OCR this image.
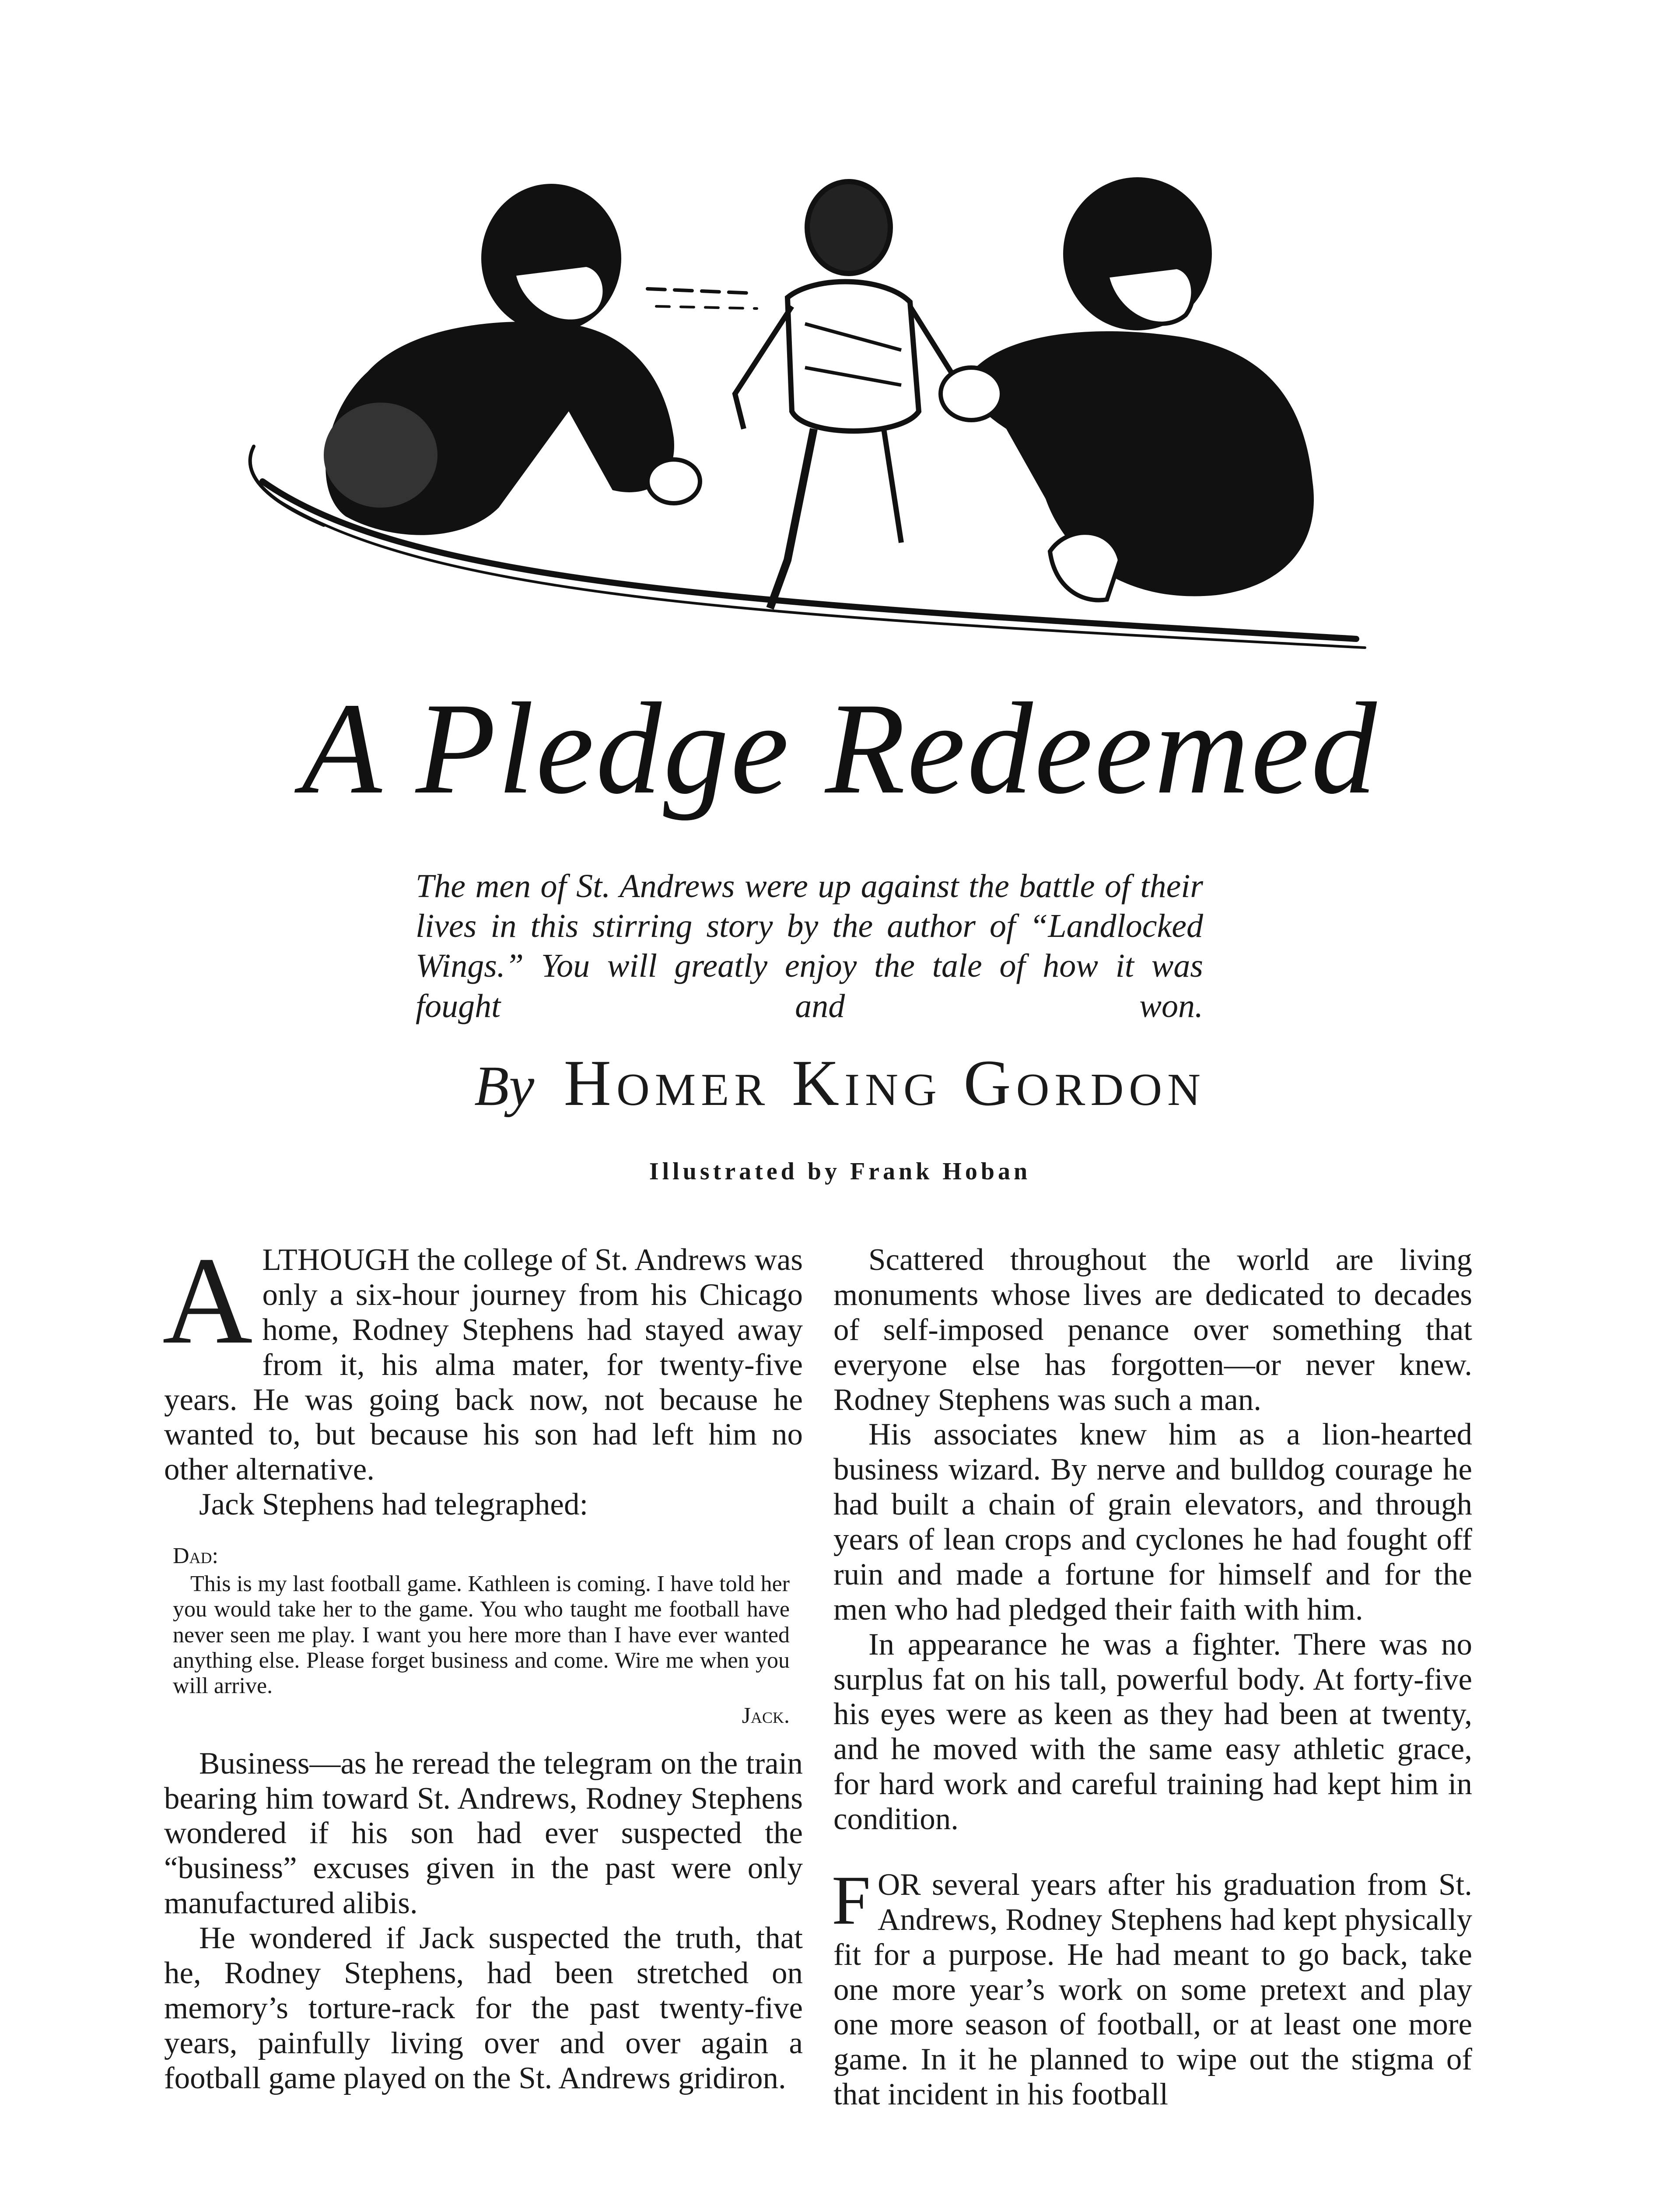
A Pledge Redeemed
The men of St. Andrews were up against the battle of their lives in this stirring story by the author of “Landlocked Wings.” You will greatly enjoy the tale of how it was fought and won.
By Homer King Gordon
Illustrated by Frank Hoban

ALTHOUGH the college of St. Andrews was only a six-hour journey from his Chicago home, Rodney Stephens had stayed away from it, his alma mater, for twenty-five years. He was going back now, not because he wanted to, but because his son had left him no other alternative.

Jack Stephens had telegraphed:

Dad:
This is my last football game. Kathleen is coming. I have told her you would take her to the game. You who taught me football have never seen me play. I want you here more than I have ever wanted anything else. Please forget business and come. Wire me when you will arrive.
Jack.

Business—as he reread the telegram on the train bearing him toward St. Andrews, Rodney Stephens wondered if his son had ever suspected the “business” excuses given in the past were only manufactured alibis.

He wondered if Jack suspected the truth, that he, Rodney Stephens, had been stretched on memory’s torture-rack for the past twenty-five years, painfully living over and over again a football game played on the St. Andrews gridiron.

Scattered throughout the world are living monuments whose lives are dedicated to decades of self-imposed penance over something that everyone else has forgotten—or never knew. Rodney Stephens was such a man.

His associates knew him as a lion-hearted business wizard. By nerve and bulldog courage he had built a chain of grain elevators, and through years of lean crops and cyclones he had fought off ruin and made a fortune for himself and for the men who had pledged their faith with him.

In appearance he was a fighter. There was no surplus fat on his tall, powerful body. At forty-five his eyes were as keen as they had been at twenty, and he moved with the same easy athletic grace, for hard work and careful training had kept him in condition.

FOR several years after his graduation from St. Andrews, Rodney Stephens had kept physically fit for a purpose. He had meant to go back, take one more year’s work on some pretext and play one more season of football, or at least one more game. In it he planned to wipe out the stigma of that incident in his football
